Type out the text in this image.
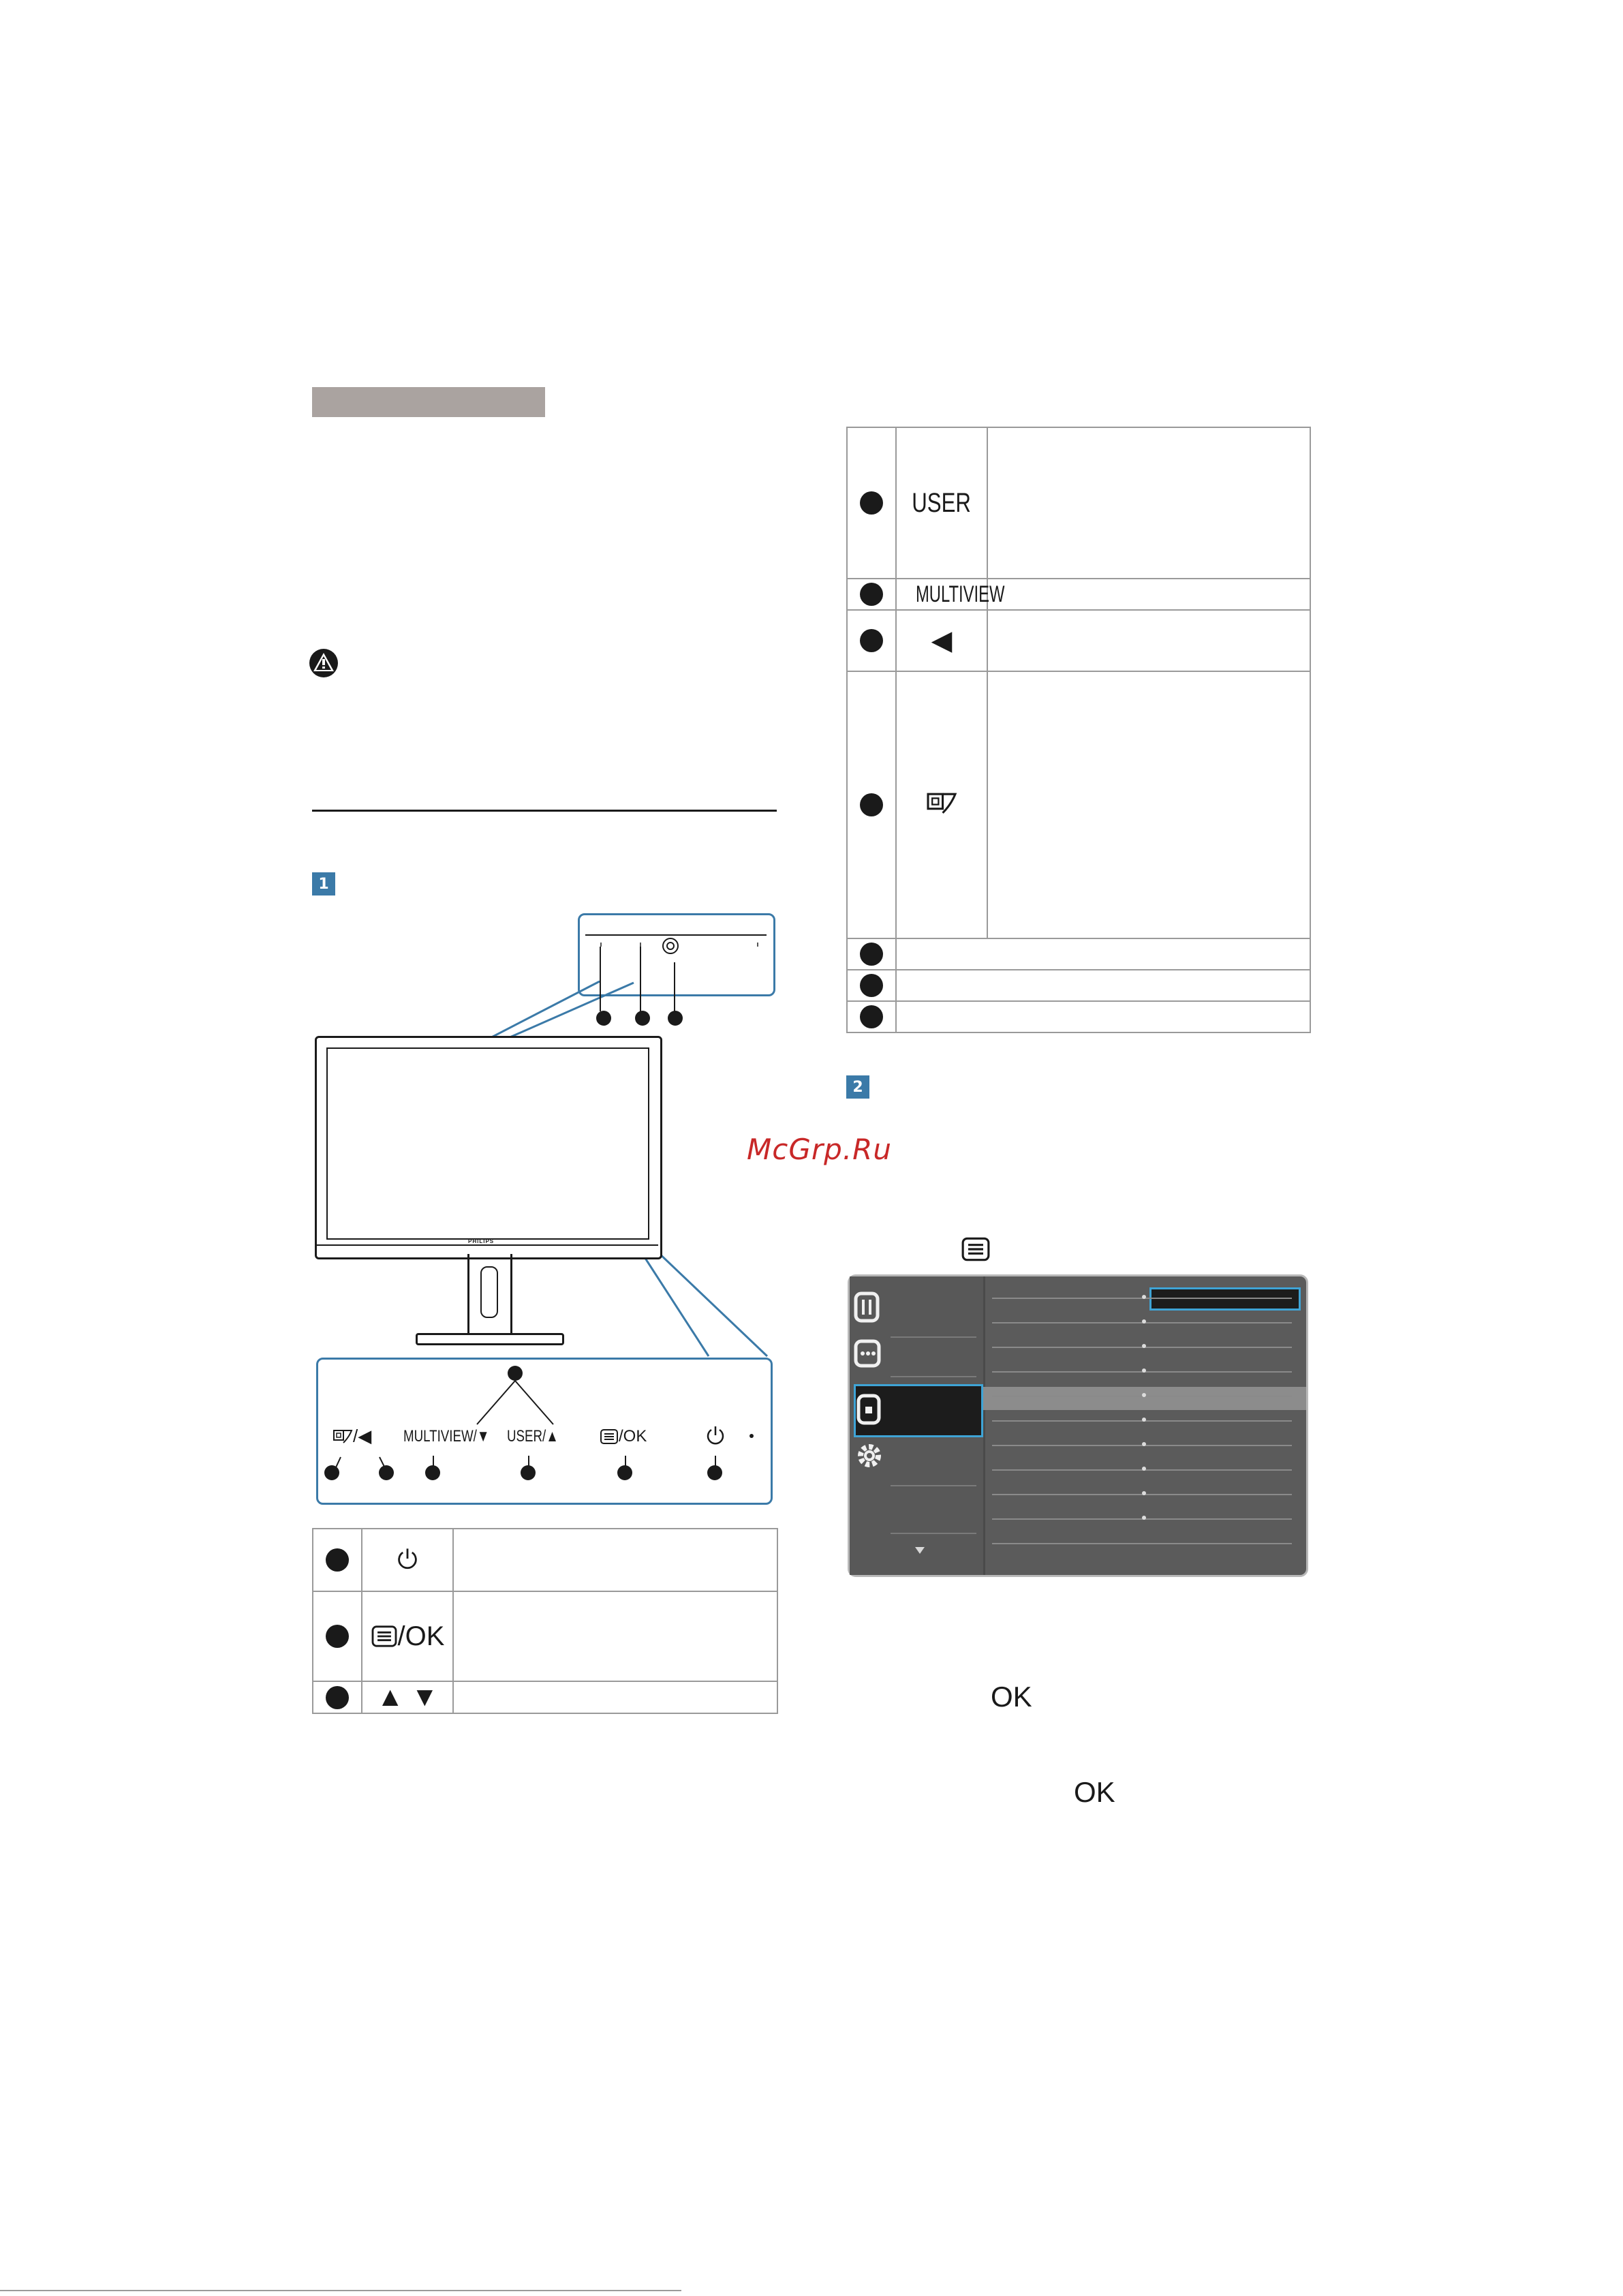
1
PHILIPS
/◀ MULTIVIEW/▼	USER/▲	/OK

	/OK	

	▲ ▼	
	USER	

	MULTIVIEW	

	◀	

2
McGrp.Ru
OK
OK
